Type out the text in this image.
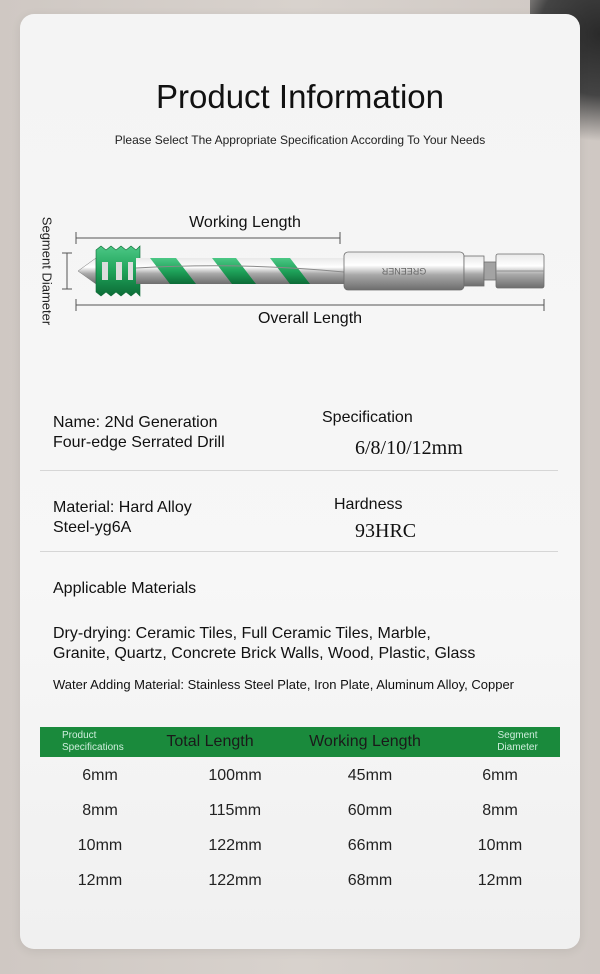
Product Information
Please Select The Appropriate Specification According To Your Needs
GREENER
Segment Diameter	Working Length
Overall Length
Name: 2Nd Generation
Four-edge Serrated Drill
Specification
6/8/10/12mm
Material: Hard Alloy
Steel-yg6A
Hardness
93HRC
Applicable Materials
Dry-drying: Ceramic Tiles, Full Ceramic Tiles, Marble,
Granite, Quartz, Concrete Brick Walls, Wood, Plastic, Glass
Water Adding Material: Stainless Steel Plate, Iron Plate, Aluminum Alloy, Copper
Product
Specifications	Total Length	Working Length	Segment
Diameter
6mm	100mm	45mm	6mm
8mm	115mm	60mm	8mm
10mm	122mm	66mm	10mm
12mm	122mm	68mm	12mm
